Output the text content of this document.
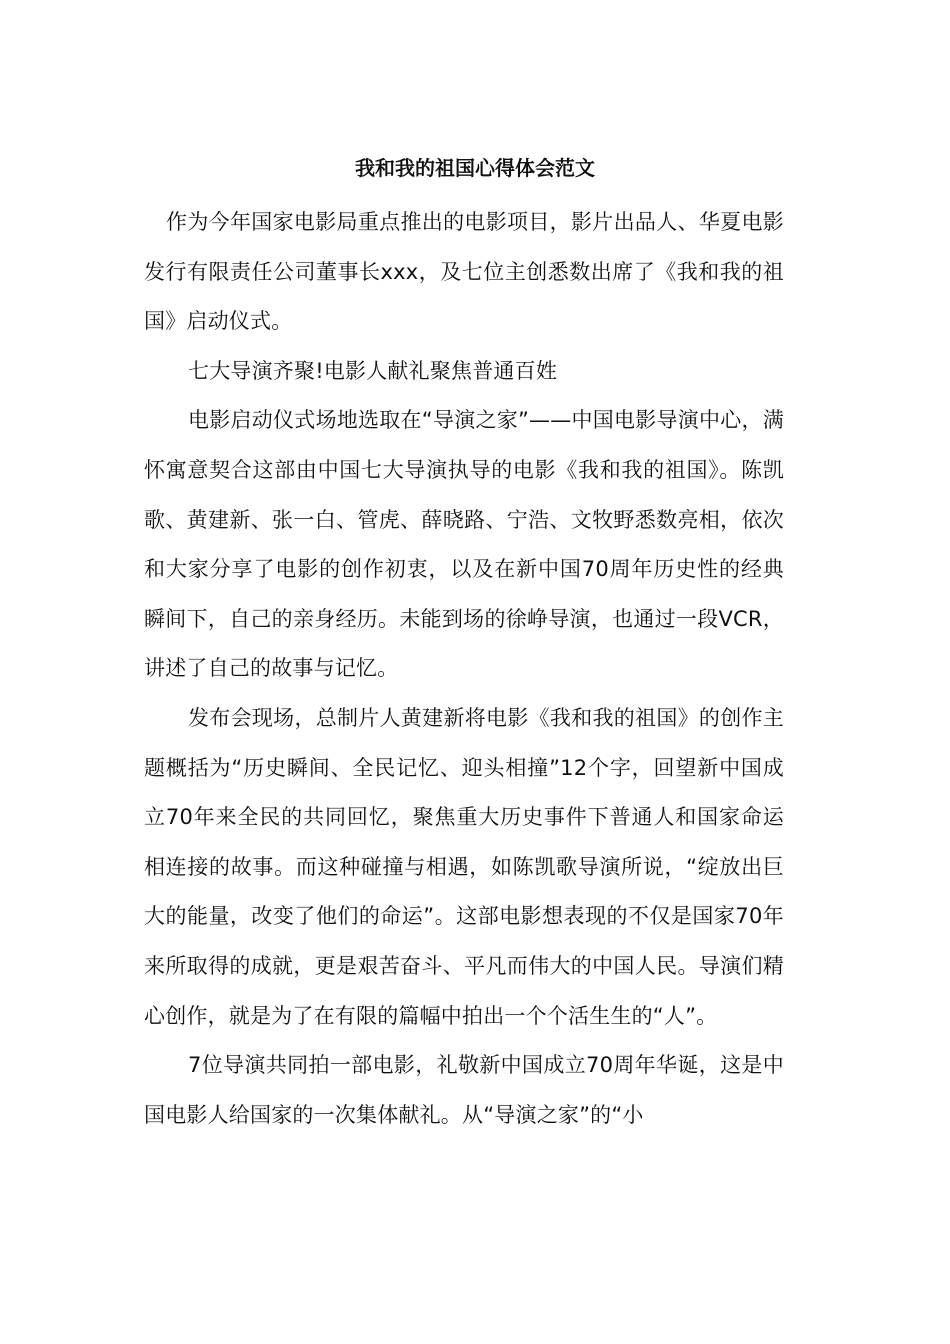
我和我的祖国心得体会范文

作为今年国家电影局重点推出的电影项目，影片出品人、华夏电影发行有限责任公司董事长xxx，及七位主创悉数出席了《我和我的祖国》启动仪式。

七大导演齐聚!电影人献礼聚焦普通百姓

电影启动仪式场地选取在“导演之家”——中国电影导演中心，满怀寓意契合这部由中国七大导演执导的电影《我和我的祖国》。陈凯歌、黄建新、张一白、管虎、薛晓路、宁浩、文牧野悉数亮相，依次和大家分享了电影的创作初衷，以及在新中国70周年历史性的经典瞬间下，自己的亲身经历。未能到场的徐峥导演，也通过一段VCR，讲述了自己的故事与记忆。

发布会现场，总制片人黄建新将电影《我和我的祖国》的创作主题概括为“历史瞬间、全民记忆、迎头相撞”12个字，回望新中国成立70年来全民的共同回忆，聚焦重大历史事件下普通人和国家命运相连接的故事。而这种碰撞与相遇，如陈凯歌导演所说，“绽放出巨大的能量，改变了他们的命运”。这部电影想表现的不仅是国家70年来所取得的成就，更是艰苦奋斗、平凡而伟大的中国人民。导演们精心创作，就是为了在有限的篇幅中拍出一个个活生生的“人”。

7位导演共同拍一部电影，礼敬新中国成立70周年华诞，这是中国电影人给国家的一次集体献礼。从“导演之家”的“小
